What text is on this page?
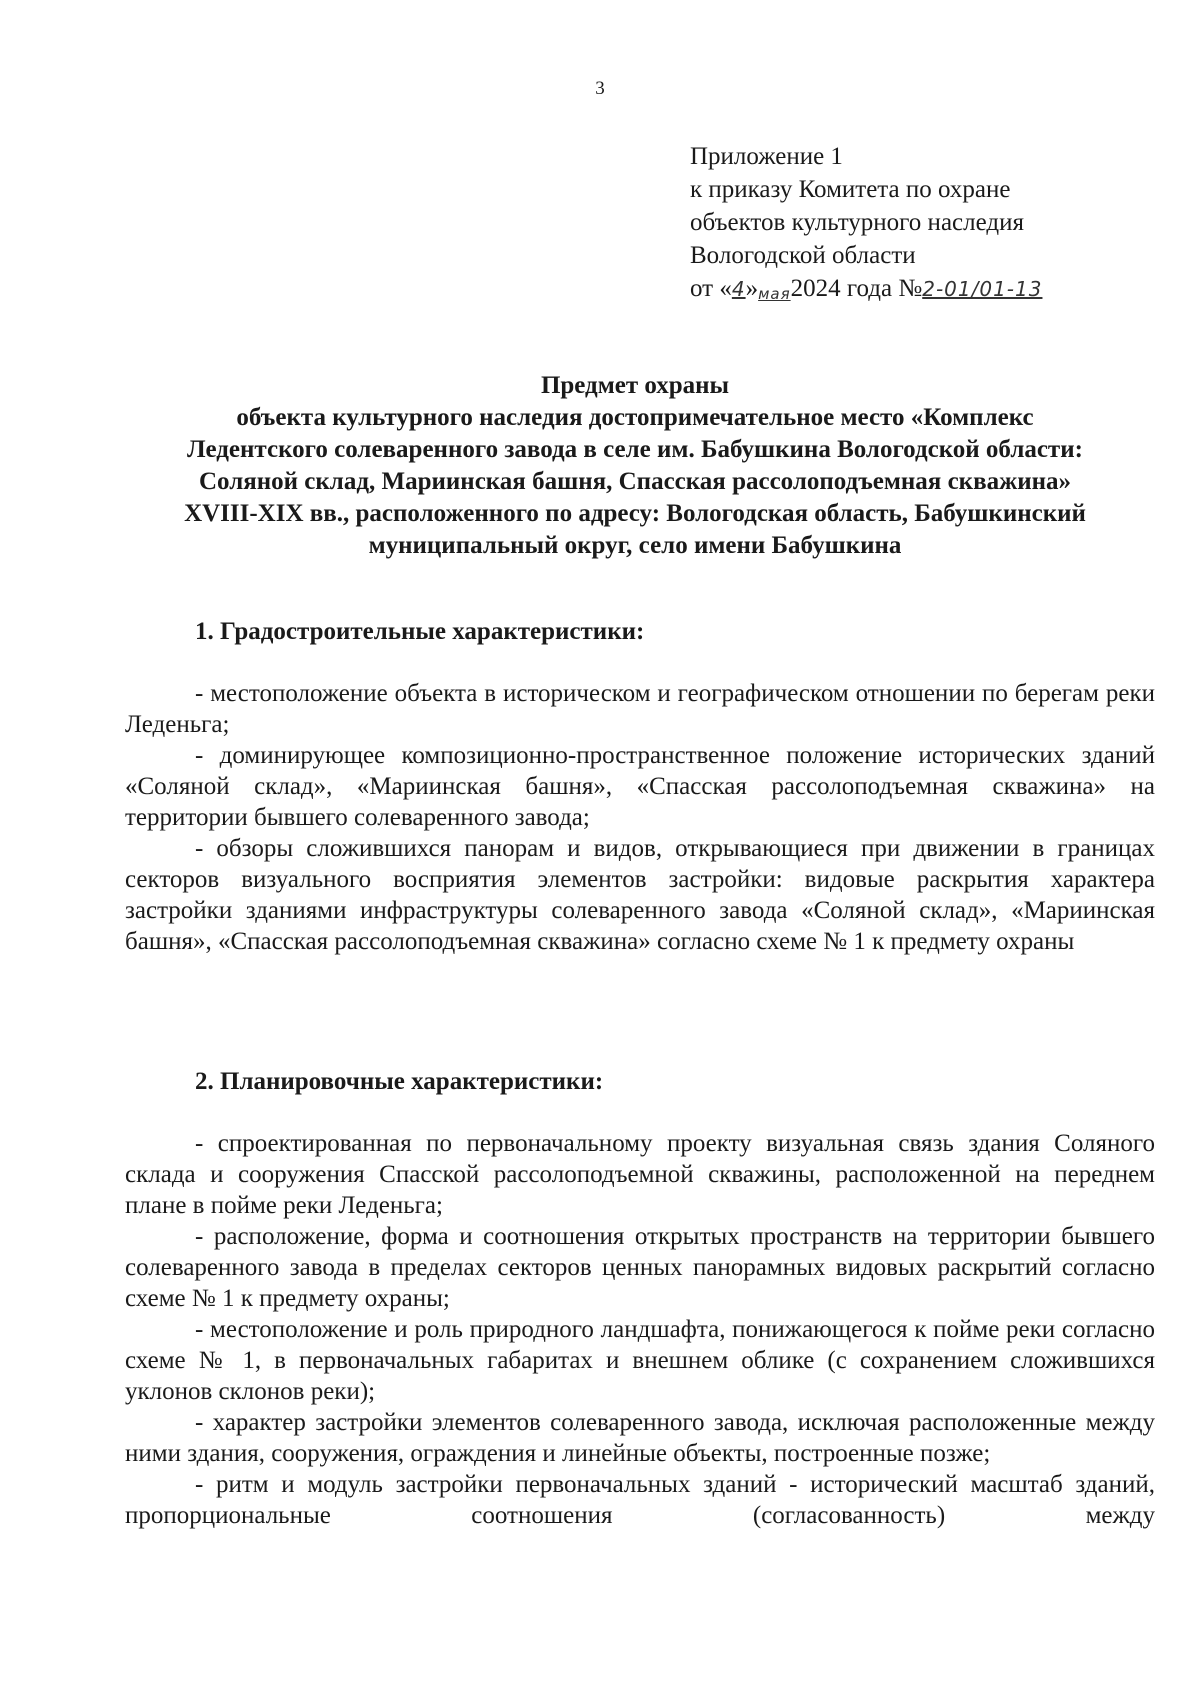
3
Приложение 1
к приказу Комитета по охране
объектов культурного наследия
Вологодской области
от «4»мая2024 года №2-01/01-13
Предмет охраны
объекта культурного наследия достопримечательное место «Комплекс
Ледентского солеваренного завода в селе им. Бабушкина Вологодской области:
Соляной склад, Мариинская башня, Спасская рассолоподъемная скважина»
XVIII-XIX вв., расположенного по адресу: Вологодская область, Бабушкинский
муниципальный округ, село имени Бабушкина
1. Градостроительные характеристики:

- местоположение объекта в историческом и географическом отношении по берегам реки Леденьга;

- доминирующее композиционно-пространственное положение исторических зданий «Соляной склад», «Мариинская башня», «Спасская рассолоподъемная скважина» на территории бывшего солеваренного завода;

- обзоры сложившихся панорам и видов, открывающиеся при движении в границах секторов визуального восприятия элементов застройки: видовые раскрытия характера застройки зданиями инфраструктуры солеваренного завода «Соляной склад», «Мариинская башня», «Спасская рассолоподъемная скважина» согласно схеме № 1 к предмету охраны

2. Планировочные характеристики:

- спроектированная по первоначальному проекту визуальная связь здания Соляного склада и сооружения Спасской рассолоподъемной скважины, расположенной на переднем плане в пойме реки Леденьга;

- расположение, форма и соотношения открытых пространств на территории бывшего солеваренного завода в пределах секторов ценных панорамных видовых раскрытий согласно схеме № 1 к предмету охраны;

- местоположение и роль природного ландшафта, понижающегося к пойме реки согласно схеме № 1, в первоначальных габаритах и внешнем облике (с сохранением сложившихся уклонов склонов реки);

- характер застройки элементов солеваренного завода, исключая расположенные между ними здания, сооружения, ограждения и линейные объекты, построенные позже;

- ритм и модуль застройки первоначальных зданий - исторический масштаб зданий, пропорциональные соотношения (согласованность) между
